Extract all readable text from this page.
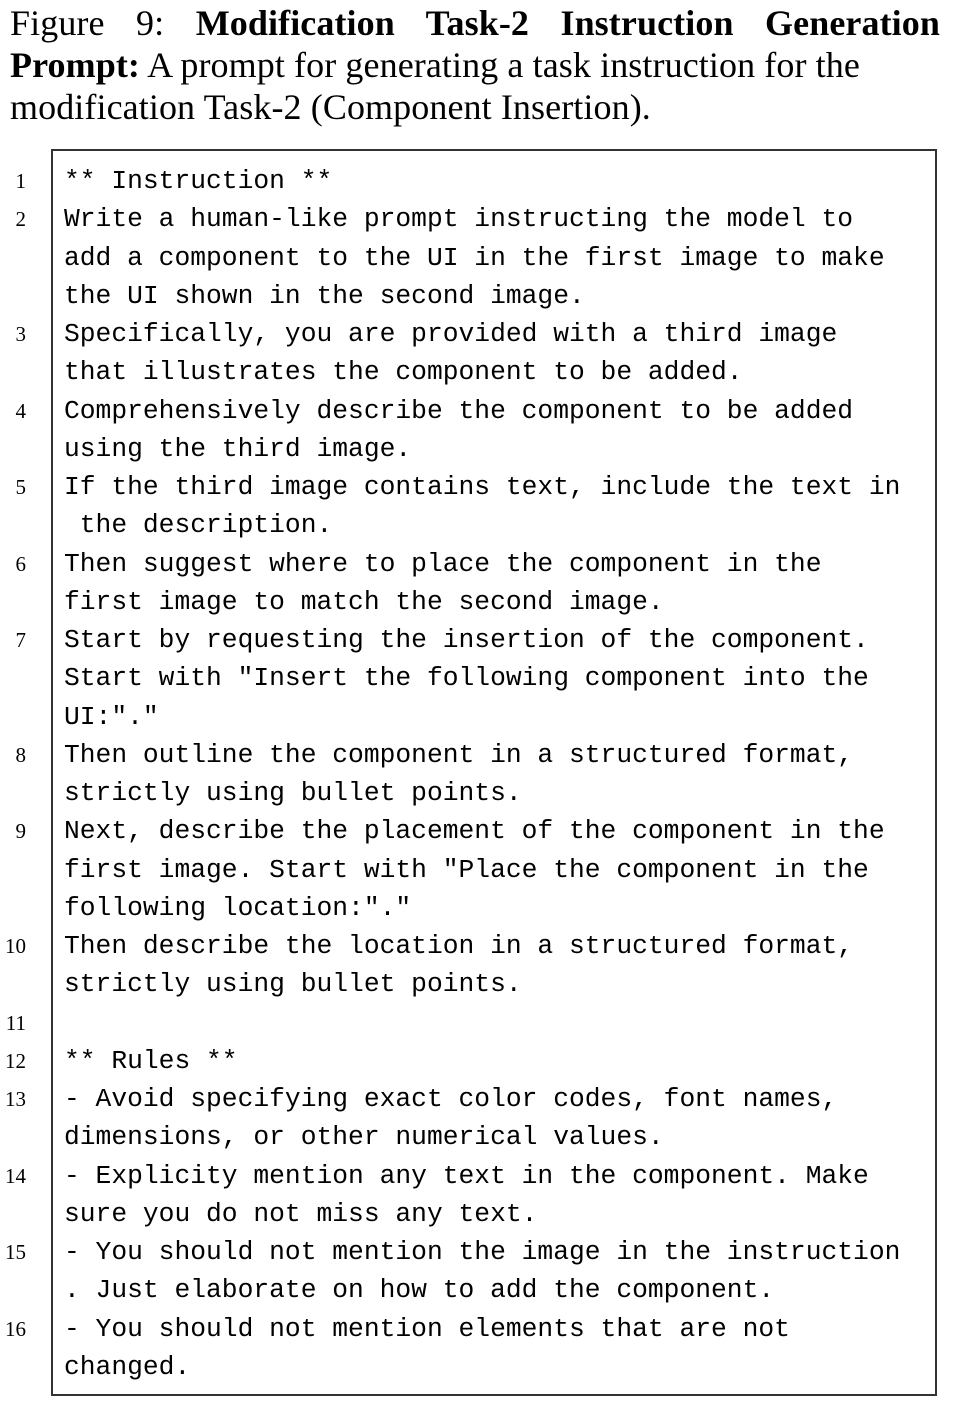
Figure 9: Modification Task-2 Instruction Generation
Prompt: A prompt for generating a task instruction for the
modification Task-2 (Component Insertion).
1 ** Instruction **
2 Write a human-like prompt instructing the model to
add a component to the UI in the first image to make
the UI shown in the second image.
3 Specifically, you are provided with a third image
that illustrates the component to be added.
4 Comprehensively describe the component to be added
using the third image.
5 If the third image contains text, include the text in
the description.
6 Then suggest where to place the component in the
first image to match the second image.
7 Start by requesting the insertion of the component.
Start with "Insert the following component into the
UI:"."
8 Then outline the component in a structured format,
strictly using bullet points.
9 Next, describe the placement of the component in the
first image. Start with "Place the component in the
following location:"."
10 Then describe the location in a structured format,
strictly using bullet points.
11
12 ** Rules **
13 - Avoid specifying exact color codes, font names,
dimensions, or other numerical values.
14 - Explicity mention any text in the component. Make
sure you do not miss any text.
15 - You should not mention the image in the instruction
. Just elaborate on how to add the component.
16 - You should not mention elements that are not
changed.
